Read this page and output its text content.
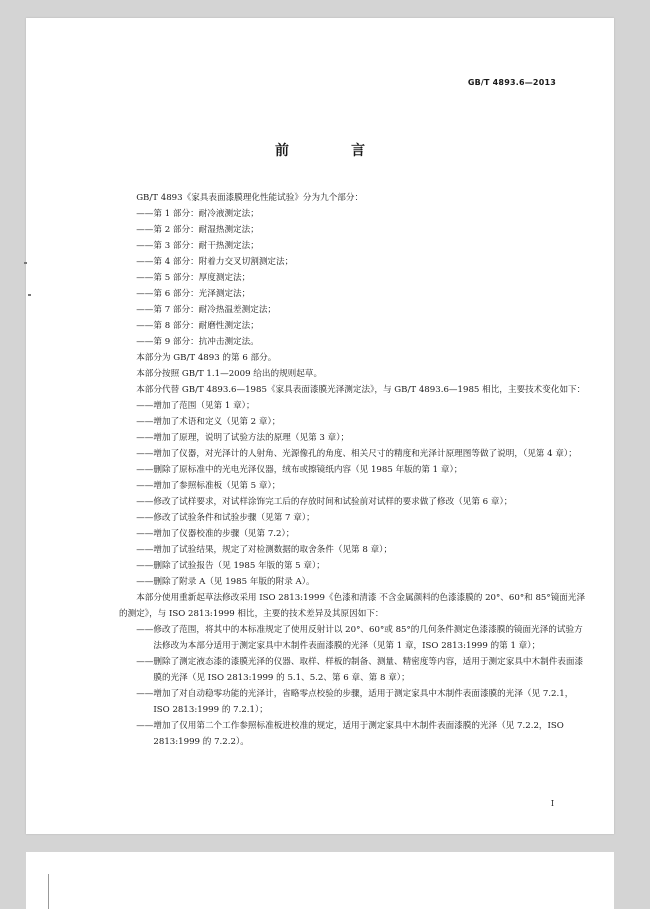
GB/T 4893.6—2013
前　言

GB/T 4893《家具表面漆膜理化性能试验》分为九个部分：

——第 1 部分：耐冷液测定法；

——第 2 部分：耐湿热测定法；

——第 3 部分：耐干热测定法；

——第 4 部分：附着力交叉切割测定法；

——第 5 部分：厚度测定法；

——第 6 部分：光泽测定法；

——第 7 部分：耐冷热温差测定法；

——第 8 部分：耐磨性测定法；

——第 9 部分：抗冲击测定法。

本部分为 GB/T 4893 的第 6 部分。

本部分按照 GB/T 1.1—2009 给出的规则起草。

本部分代替 GB/T 4893.6—1985《家具表面漆膜光泽测定法》，与 GB/T 4893.6—1985 相比，主要技术变化如下：

——增加了范围（见第 1 章）；

——增加了术语和定义（见第 2 章）；

——增加了原理，说明了试验方法的原理（见第 3 章）；

——增加了仪器，对光泽计的人射角、光源像孔的角度、相关尺寸的精度和光泽计原理图等做了说明，（见第 4 章）；

——删除了原标准中的光电光泽仪器，绒布或擦镜纸内容（见 1985 年版的第 1 章）；

——增加了参照标准板（见第 5 章）；

——修改了试样要求，对试样涂饰完工后的存放时间和试验前对试样的要求做了修改（见第 6 章）；

——修改了试验条件和试验步骤（见第 7 章）；

——增加了仪器校准的步骤（见第 7.2）；

——增加了试验结果，规定了对检测数据的取舍条件（见第 8 章）；

——删除了试验报告（见 1985 年版的第 5 章）；

——删除了附录 A（见 1985 年版的附录 A）。

本部分使用重新起草法修改采用 ISO 2813:1999《色漆和清漆 不含金属颜料的色漆漆膜的 20°、60°和 85°镜面光泽的测定》，与 ISO 2813:1999 相比，主要的技术差异及其原因如下：

——修改了范围，将其中的本标准规定了使用反射计以 20°、60°或 85°的几何条件测定色漆漆膜的镜面光泽的试验方法修改为本部分适用于测定家具中木制件表面漆膜的光泽（见第 1 章，ISO 2813:1999 的第 1 章）；

——删除了测定液态漆的漆膜光泽的仪器、取样、样板的制备、测量、精密度等内容，适用于测定家具中木制件表面漆膜的光泽（见 ISO 2813:1999 的 5.1、5.2、第 6 章、第 8 章）；

——增加了对自动稳零功能的光泽计，省略零点校验的步骤，适用于测定家具中木制件表面漆膜的光泽（见 7.2.1，ISO 2813:1999 的 7.2.1）；

——增加了仅用第二个工作参照标准板进校准的规定，适用于测定家具中木制件表面漆膜的光泽（见 7.2.2，ISO 2813:1999 的 7.2.2）。

I
